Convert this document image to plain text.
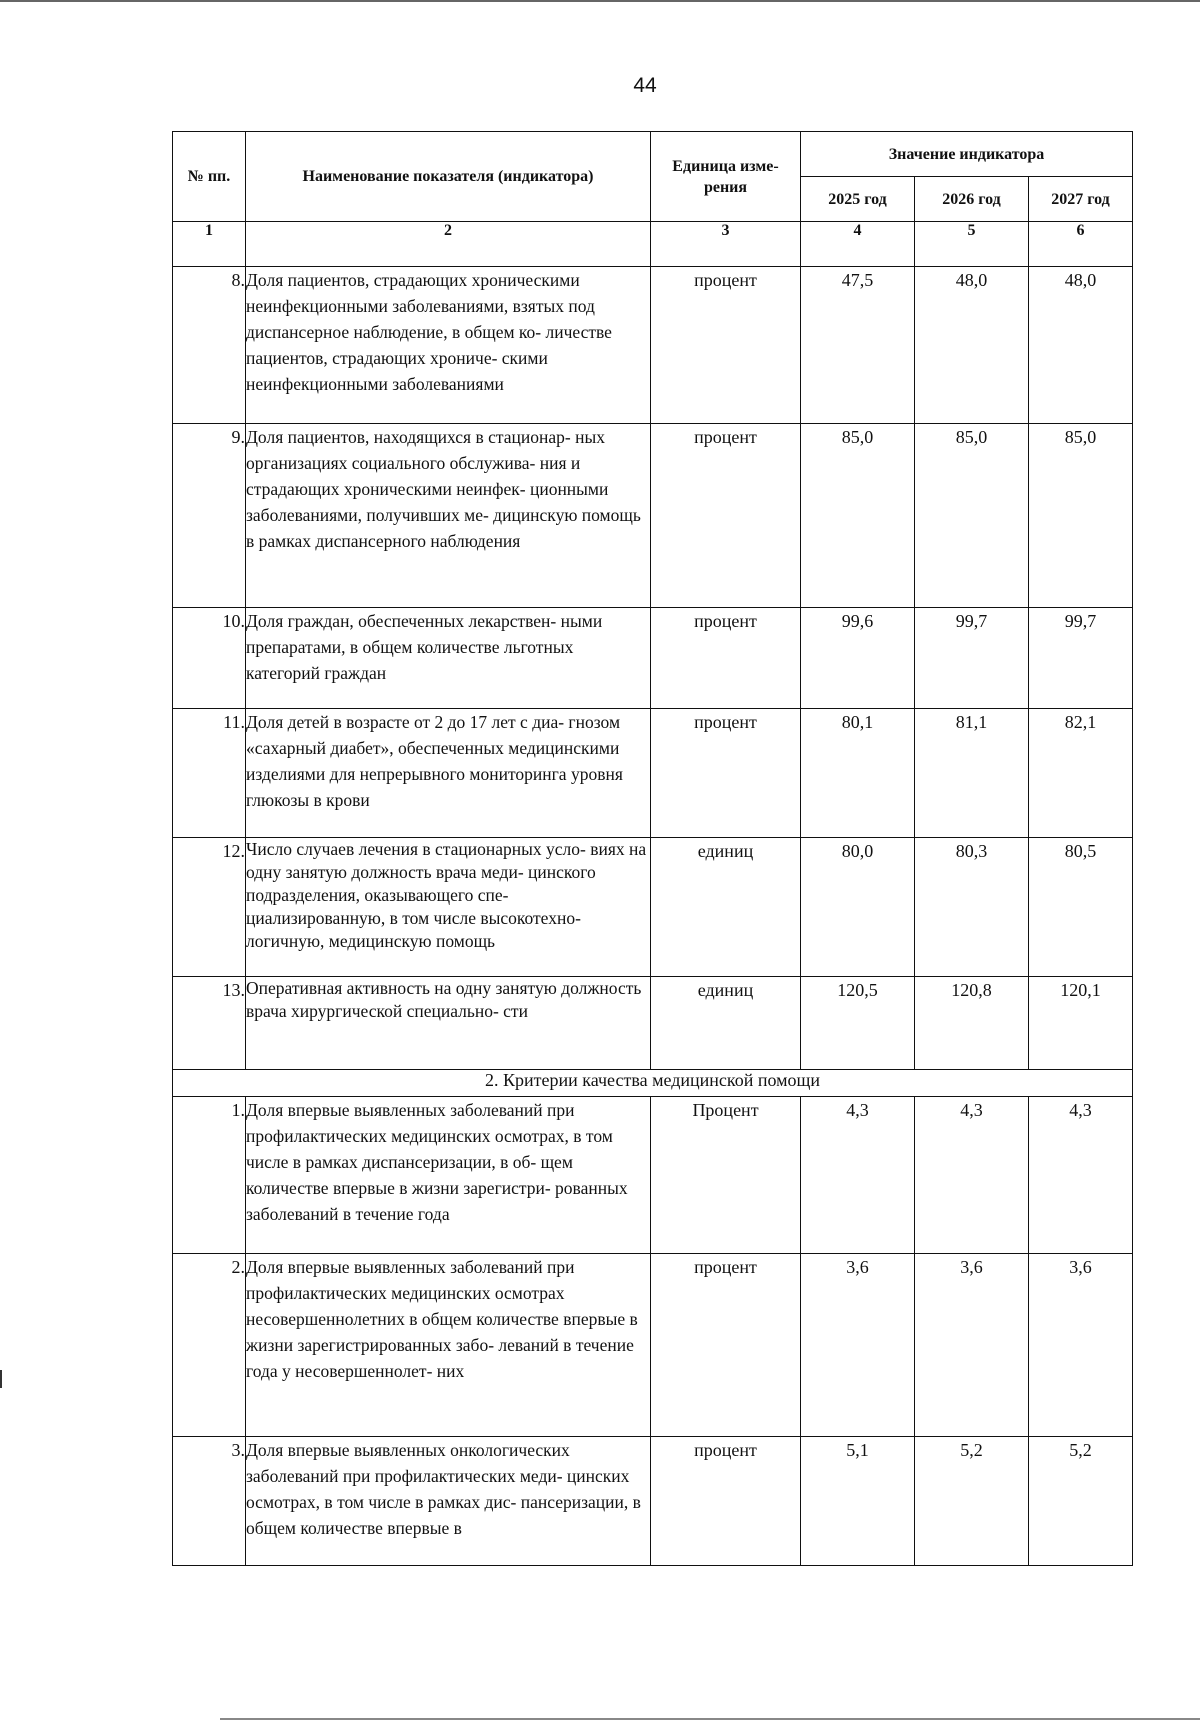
44
№ пп.	Наименование показателя (индикатора)	Единица изме- рения	Значение индикатора		
			2025 год	2026 год	2027 год
1	2	3	4	5	6
8.	Доля пациентов, страдающих хроническими неинфекционными заболеваниями, взятых под диспансерное наблюдение, в общем ко- личестве пациентов, страдающих хрониче- скими неинфекционными заболеваниями	процент	47,5	48,0	48,0
9.	Доля пациентов, находящихся в стационар- ных организациях социального обслужива- ния и страдающих хроническими неинфек- ционными заболеваниями, получивших ме- дицинскую помощь в рамках диспансерного наблюдения	процент	85,0	85,0	85,0
10.	Доля граждан, обеспеченных лекарствен- ными препаратами, в общем количестве льготных категорий граждан	процент	99,6	99,7	99,7
11.	Доля детей в возрасте от 2 до 17 лет с диа- гнозом «сахарный диабет», обеспеченных медицинскими изделиями для непрерывного мониторинга уровня глюкозы в крови	процент	80,1	81,1	82,1
12.	Число случаев лечения в стационарных усло- виях на одну занятую должность врача меди- цинского подразделения, оказывающего спе- циализированную, в том числе высокотехно- логичную, медицинскую помощь	единиц	80,0	80,3	80,5
13.	Оперативная активность на одну занятую должность врача хирургической специально- сти	единиц	120,5	120,8	120,1
2. Критерии качества медицинской помощи					
1.	Доля впервые выявленных заболеваний при профилактических медицинских осмотрах, в том числе в рамках диспансеризации, в об- щем количестве впервые в жизни зарегистри- рованных заболеваний в течение года	Процент	4,3	4,3	4,3
2.	Доля впервые выявленных заболеваний при профилактических медицинских осмотрах несовершеннолетних в общем количестве впервые в жизни зарегистрированных забо- леваний в течение года у несовершеннолет- них	процент	3,6	3,6	3,6
3.	Доля впервые выявленных онкологических заболеваний при профилактических меди- цинских осмотрах, в том числе в рамках дис- пансеризации, в общем количестве впервые в	процент	5,1	5,2	5,2
